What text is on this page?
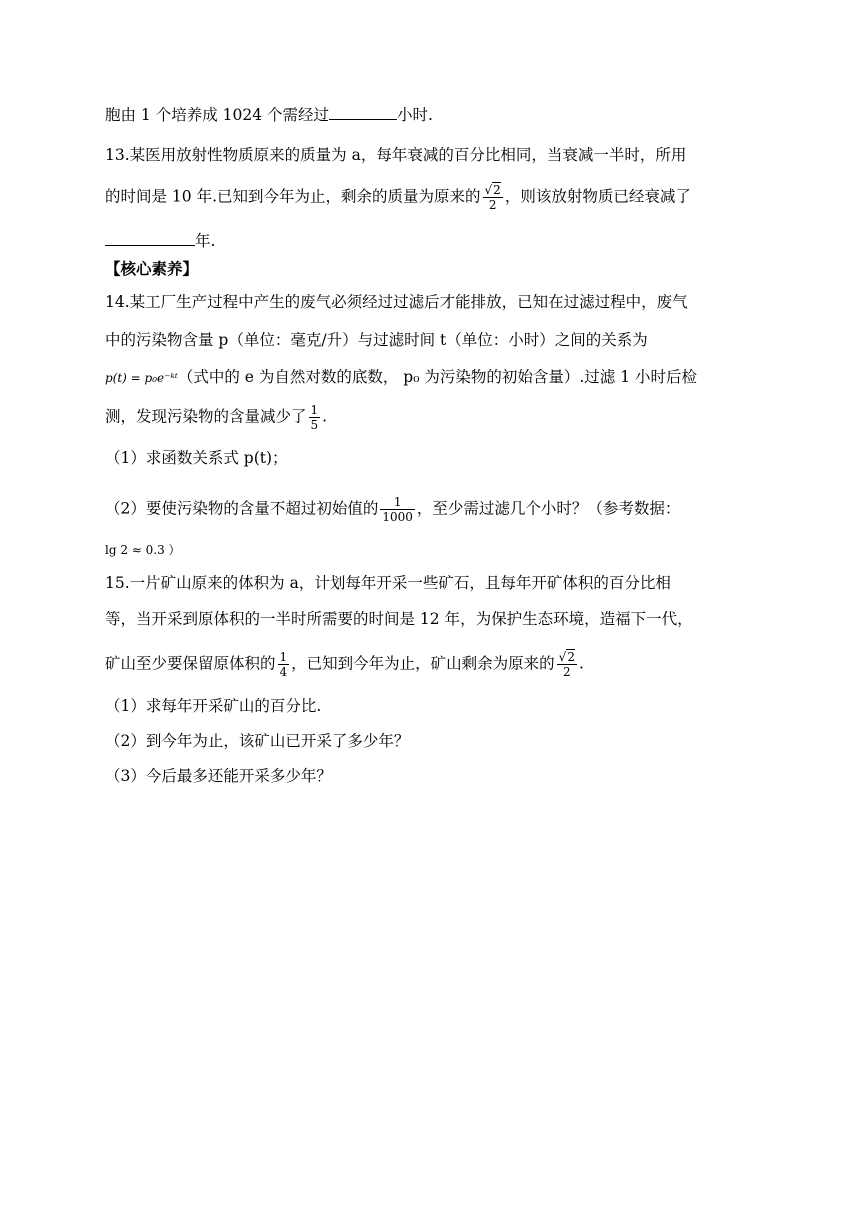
胞由 1 个培养成 1024 个需经过	小时.
13.某医用放射性物质原来的质量为 a，每年衰减的百分比相同，当衰减一半时，所用
的时间是 10 年.已知到今年为止，剩余的质量为原来的 $\frac{√2}{2}$ ，则该放射物质已经衰减了
年.
【核心素养】
14.某工厂生产过程中产生的废气必须经过过滤后才能排放，已知在过滤过程中，废气
中的污染物含量 p（单位：毫克/升）与过滤时间 t（单位：小时）之间的关系为
p(t) = p₀e⁻ᵏᵗ（式中的 e 为自然对数的底数， p₀ 为污染物的初始含量）.过滤 1 小时后检
测，发现污染物的含量减少了 $\frac{1}{5}$ .
（1）求函数关系式 p(t)；
（2）要使污染物的含量不超过初始值的 $\frac{1}{1000}$ ，至少需过滤几个小时？（参考数据：
lg 2 ≈ 0.3 ）
15.一片矿山原来的体积为 a，计划每年开采一些矿石，且每年开矿体积的百分比相
等，当开采到原体积的一半时所需要的时间是 12 年，为保护生态环境，造福下一代，
矿山至少要保留原体积的 $\frac{1}{4}$ ，已知到今年为止，矿山剩余为原来的 $\frac{√2}{2}$ .
（1）求每年开采矿山的百分比.
（2）到今年为止，该矿山已开采了多少年？
（3）今后最多还能开采多少年？
